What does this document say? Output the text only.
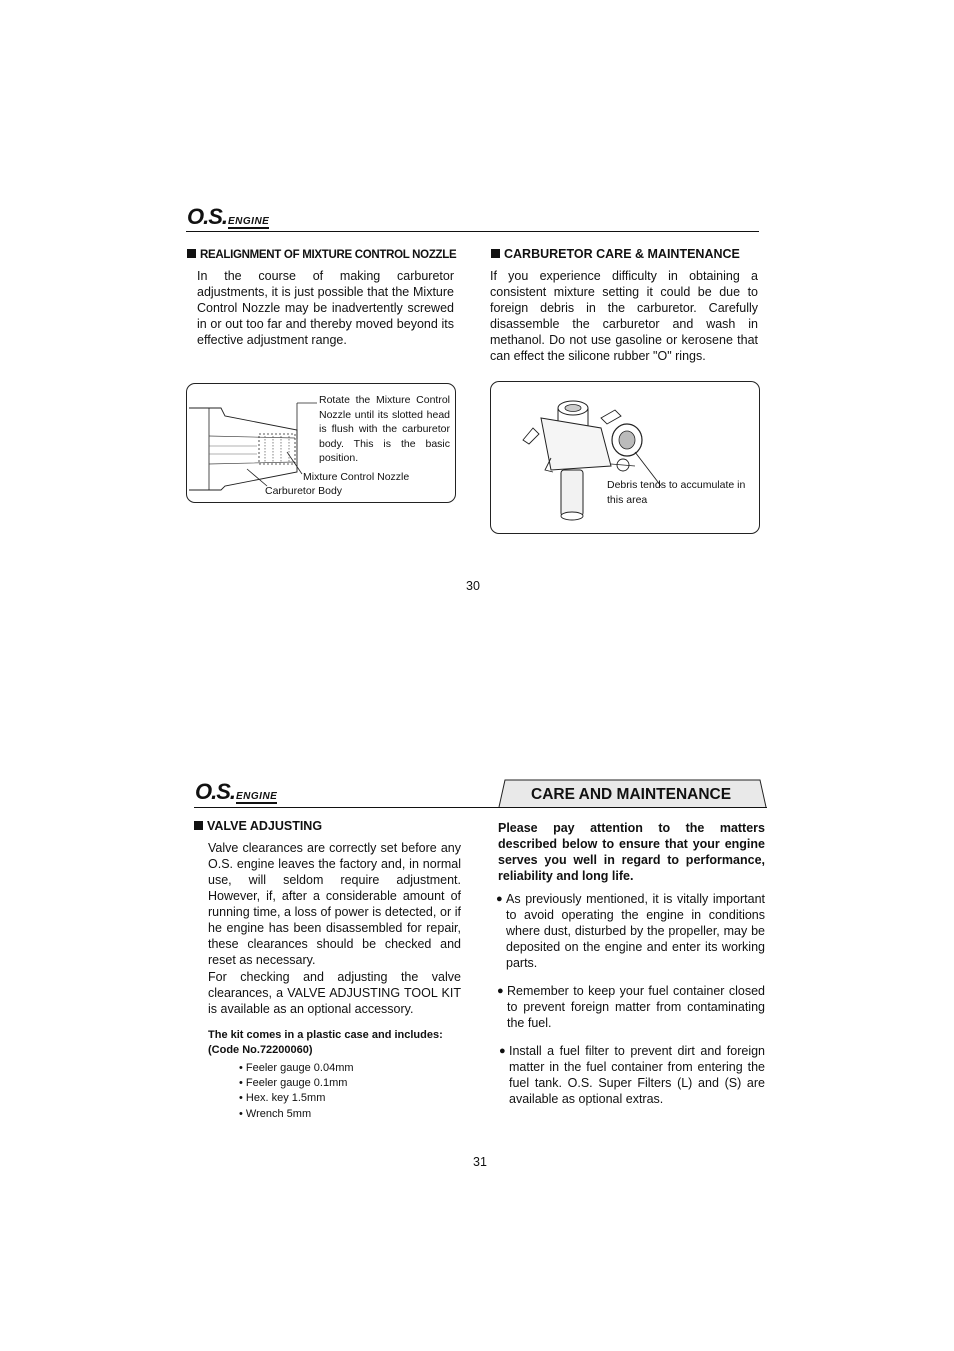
O.S.ENGINE
REALIGNMENT OF MIXTURE CONTROL NOZZLE
In the course of making carburetor adjustments, it is just possible that the Mixture Control Nozzle may be inadvertently screwed in or out too far and thereby moved beyond its effective adjustment range.
CARBURETOR CARE & MAINTENANCE
If you experience difficulty in obtaining a consistent mixture setting it could be due to foreign debris in the carburetor. Carefully disassemble the carburetor and wash in methanol. Do not use gasoline or kerosene that can effect the silicone rubber "O" rings.
Rotate the Mixture Control Nozzle until its slotted head is flush with the carburetor body. This is the basic position.
Mixture Control Nozzle
Carburetor Body	Debris tends to accumulate in this area
30
O.S.ENGINE	CARE AND MAINTENANCE
VALVE ADJUSTING
Valve clearances are correctly set before any O.S. engine leaves the factory and, in normal use, will seldom require adjustment. However, if, after a considerable amount of running time, a loss of power is detected, or if he engine has been disassembled for repair, these clearances should be checked and reset as necessary.
For checking and adjusting the valve clearances, a VALVE ADJUSTING TOOL KIT is available as an optional accessory.
The kit comes in a plastic case and includes:
(Code No.72200060)
• Feeler gauge 0.04mm
• Feeler gauge 0.1mm
• Hex. key 1.5mm
• Wrench 5mm
Please pay attention to the matters described below to ensure that your engine serves you well in regard to performance, reliability and long life.
● As previously mentioned, it is vitally important to avoid operating the engine in conditions where dust, disturbed by the propeller, may be deposited on the engine and enter its working parts.
● Remember to keep your fuel container closed to prevent foreign matter from contaminating the fuel.
● Install a fuel filter to prevent dirt and foreign matter in the fuel container from entering the fuel tank. O.S. Super Filters (L) and (S) are available as optional extras.
31
